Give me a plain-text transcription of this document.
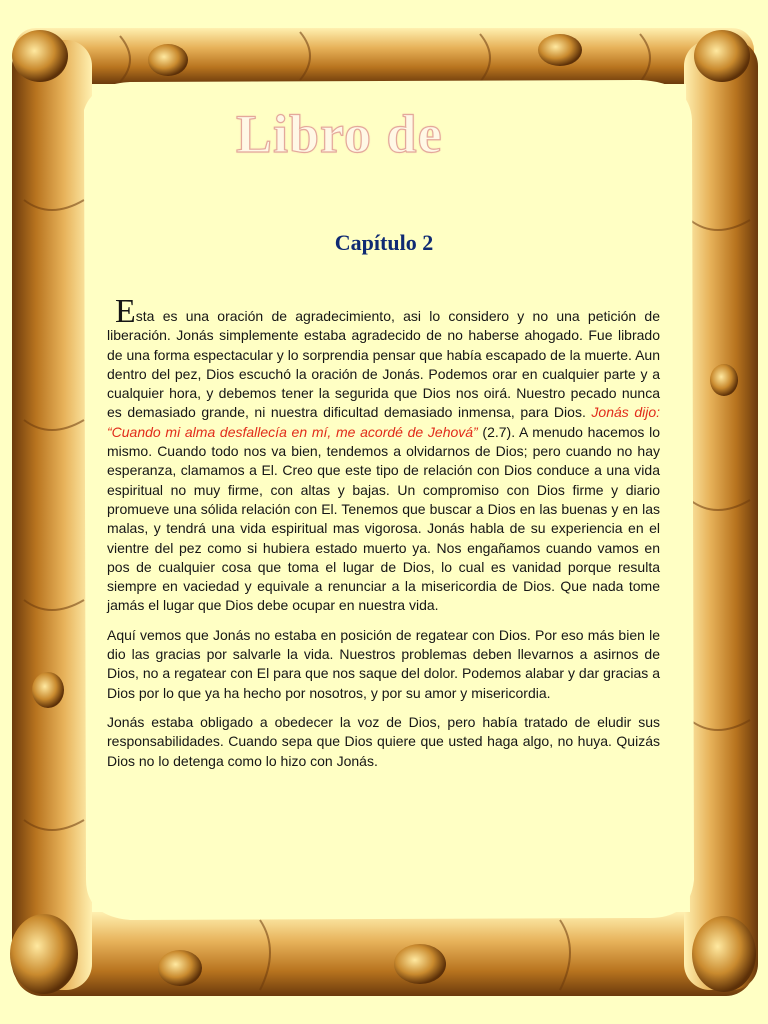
Libro de
Capítulo 2

Esta es una oración de agradecimiento, asi lo considero y no una petición de liberación. Jonás simplemente estaba agradecido de no haberse ahogado. Fue librado de una forma espectacular y lo sorprendia pensar que había escapado de la muerte. Aun dentro del pez, Dios escuchó la oración de Jonás. Podemos orar en cualquier parte y a cualquier hora, y debemos tener la segurida que Dios nos oirá. Nuestro pecado nunca es demasiado grande, ni nuestra dificultad demasiado inmensa, para Dios. Jonás dijo: “Cuando mi alma desfallecía en mí, me acordé de Jehová” (2.7). A menudo hacemos lo mismo. Cuando todo nos va bien, tendemos a olvidarnos de Dios; pero cuando no hay esperanza, clamamos a El. Creo que este tipo de relación con Dios conduce a una vida espiritual no muy firme, con altas y bajas. Un compromiso con Dios firme y diario promueve una sólida relación con El. Tenemos que buscar a Dios en las buenas y en las malas, y tendrá una vida espiritual mas vigorosa. Jonás habla de su experiencia en el vientre del pez como si hubiera estado muerto ya. Nos engañamos cuando vamos en pos de cualquier cosa que toma el lugar de Dios, lo cual es vanidad porque resulta siempre en vaciedad y equivale a renunciar a la misericordia de Dios. Que nada tome jamás el lugar que Dios debe ocupar en nuestra vida.

Aquí vemos que Jonás no estaba en posición de regatear con Dios. Por eso más bien le dio las gracias por salvarle la vida. Nuestros problemas deben llevarnos a asirnos de Dios, no a regatear con El para que nos saque del dolor. Podemos alabar y dar gracias a Dios por lo que ya ha hecho por nosotros, y por su amor y misericordia.

Jonás estaba obligado a obedecer la voz de Dios, pero había tratado de eludir sus responsabilidades. Cuando sepa que Dios quiere que usted haga algo, no huya. Quizás Dios no lo detenga como lo hizo con Jonás.
